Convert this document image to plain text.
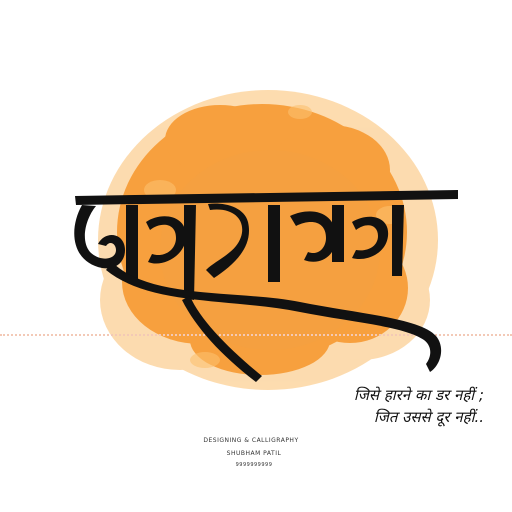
जिसे हारने का डर नहीं ;
जित उससे दूर नहीं..
DESIGNING & CALLIGRAPHY
SHUBHAM PATIL
9999999999
